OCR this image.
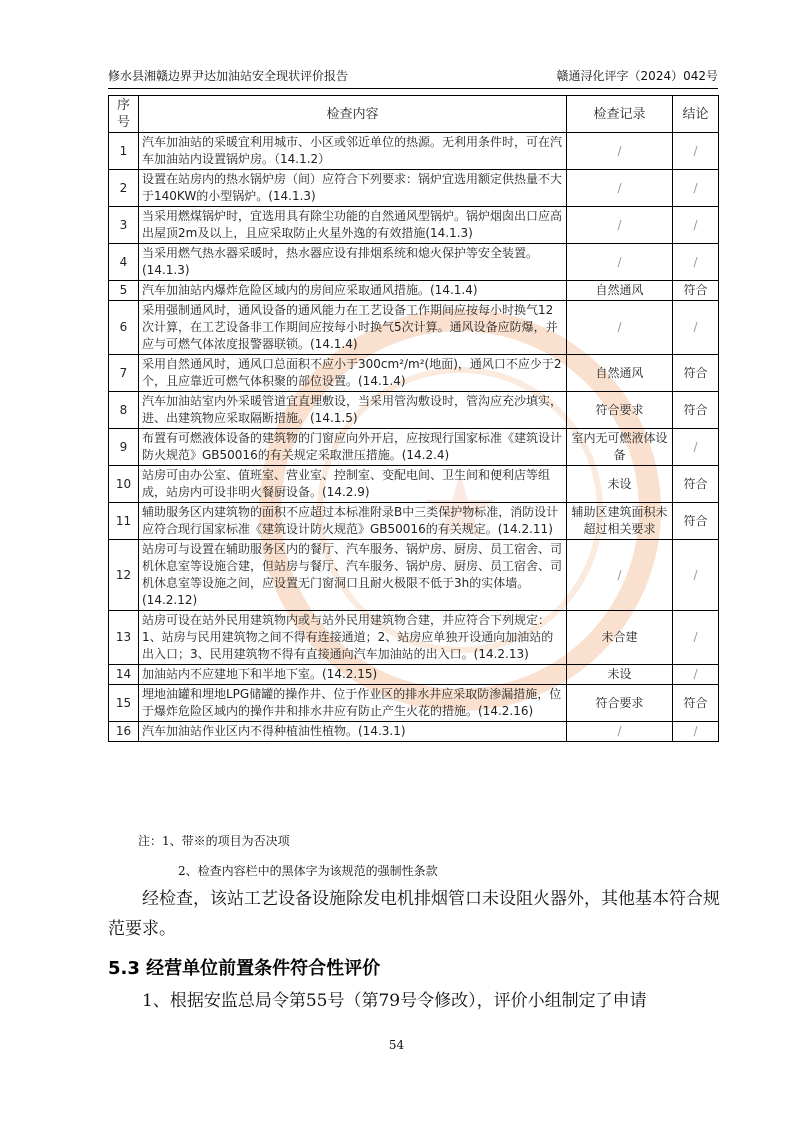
修水县湘赣边界尹达加油站安全现状评价报告	赣通浔化评字（2024）042号
★
序号	检查内容	检查记录	结论
1	汽车加油站的采暖宜利用城市、小区或邻近单位的热源。无利用条件时，可在汽车加油站内设置锅炉房。（14.1.2）	/	/
2	设置在站房内的热水锅炉房（间）应符合下列要求：锅炉宜选用额定供热量不大于140KW的小型锅炉。(14.1.3)	/	/
3	当采用燃煤锅炉时，宜选用具有除尘功能的自然通风型锅炉。锅炉烟囱出口应高出屋顶2m及以上，且应采取防止火星外逸的有效措施(14.1.3)	/	/
4	当采用燃气热水器采暖时，热水器应设有排烟系统和熄火保护等安全装置。(14.1.3)	/	/
5	汽车加油站内爆炸危险区域内的房间应采取通风措施。(14.1.4)	自然通风	符合
6	采用强制通风时，通风设备的通风能力在工艺设备工作期间应按每小时换气12次计算，在工艺设备非工作期间应按每小时换气5次计算。通风设备应防爆，并应与可燃气体浓度报警器联锁。(14.1.4)	/	/
7	采用自然通风时，通风口总面积不应小于300cm²/m²(地面)，通风口不应少于2个，且应靠近可燃气体积聚的部位设置。(14.1.4)	自然通风	符合
8	汽车加油站室内外采暖管道宜直埋敷设，当采用管沟敷设时，管沟应充沙填实，进、出建筑物应采取隔断措施。(14.1.5)	符合要求	符合
9	布置有可燃液体设备的建筑物的门窗应向外开启，应按现行国家标准《建筑设计防火规范》GB50016的有关规定采取泄压措施。(14.2.4)	室内无可燃液体设备	/
10	站房可由办公室、值班室、营业室、控制室、变配电间、卫生间和便利店等组成，站房内可设非明火餐厨设备。(14.2.9)	未设	符合
11	辅助服务区内建筑物的面积不应超过本标准附录B中三类保护物标准，消防设计应符合现行国家标准《建筑设计防火规范》GB50016的有关规定。(14.2.11)	辅助区建筑面积未超过相关要求	符合
12	站房可与设置在辅助服务区内的餐厅、汽车服务、锅炉房、厨房、员工宿舍、司机休息室等设施合建，但站房与餐厅、汽车服务、锅炉房、厨房、员工宿舍、司机休息室等设施之间，应设置无门窗洞口且耐火极限不低于3h的实体墙。(14.2.12)	/	/
13	站房可设在站外民用建筑物内或与站外民用建筑物合建，并应符合下列规定：1、站房与民用建筑物之间不得有连接通道；2、站房应单独开设通向加油站的出入口；3、民用建筑物不得有直接通向汽车加油站的出入口。(14.2.13)	未合建	/
14	加油站内不应建地下和半地下室。(14.2.15)	未设	/
15	埋地油罐和埋地LPG储罐的操作井、位于作业区的排水井应采取防渗漏措施，位于爆炸危险区域内的操作井和排水井应有防止产生火花的措施。(14.2.16)	符合要求	符合
16	汽车加油站作业区内不得种植油性植物。(14.3.1)	/	/
注：1、带※的项目为否决项
2、检查内容栏中的黑体字为该规范的强制性条款
经检查，该站工艺设备设施除发电机排烟管口未设阻火器外，其他基本符合规范要求。
5.3 经营单位前置条件符合性评价
1、根据安监总局令第55号（第79号令修改），评价小组制定了申请
54
